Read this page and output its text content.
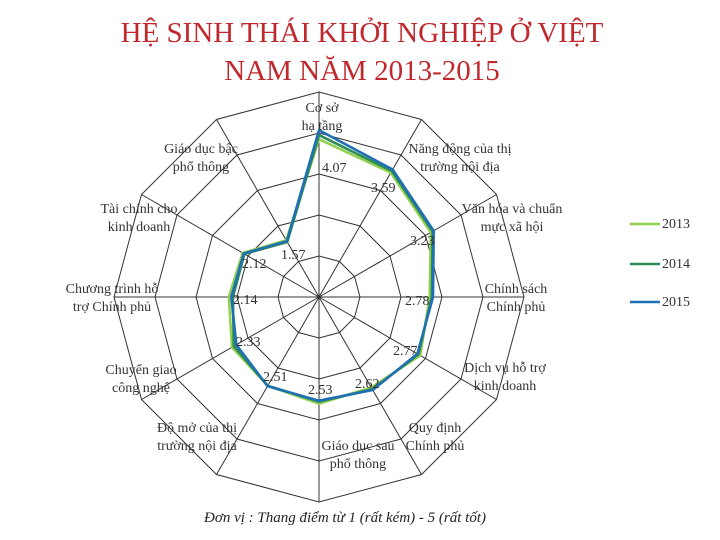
HỆ SINH THÁI KHỞI NGHIỆP Ở VIỆT
NAM NĂM 2013-2015
Cơ sở hạ tầng
Năng động của thị trường nội địa
Văn hóa và chuẩn mực xã hội
Chính sách Chính phủ
Dịch vụ hỗ trợ kinh doanh
Quy định Chính phủ
Giáo dục sau phổ thông
Độ mở của thị trường nội địa
Chuyển giao công nghệ
Chương trình hỗ trợ Chính phủ
Tài chính cho kinh doanh
Giáo dục bậc phổ thông	4.07
3.59
3.23
2.78
2.77
2.62
2.53
2.51
2.33
2.14
2.12
1.57
2013
2014
2015
Đơn vị : Thang điểm từ 1 (rất kém) - 5 (rất tốt)
